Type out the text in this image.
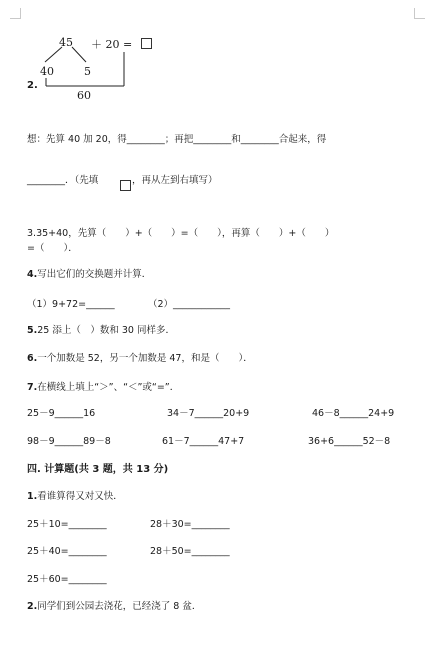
45 ＋ 20 =
40	5
2.
60
想：先算 40 加 20，得________；再把________和________合起来，得
________．（先填	，再从左到右填写）
3.35+40，先算（　　）+（　　）=（　　），再算（　　）+（　　）
=（　　）．
4.写出它们的交换题并计算．
（1）9+72=______	（2）____________
5.25 添上（　）数和 30 同样多．
6.一个加数是 52，另一个加数是 47，和是（　　）．
7.在横线上填上“＞”、“＜”或“=”．
25－9______16	34－7______20+9	46－8______24+9
98－9______89－8	61－7______47+7	36+6______52－8
四. 计算题(共 3 题，共 13 分)
1.看谁算得又对又快．
25＋10=________	28＋30=________
25＋40=________	28＋50=________
25＋60=________
2.同学们到公园去浇花，已经浇了 8 盆．
